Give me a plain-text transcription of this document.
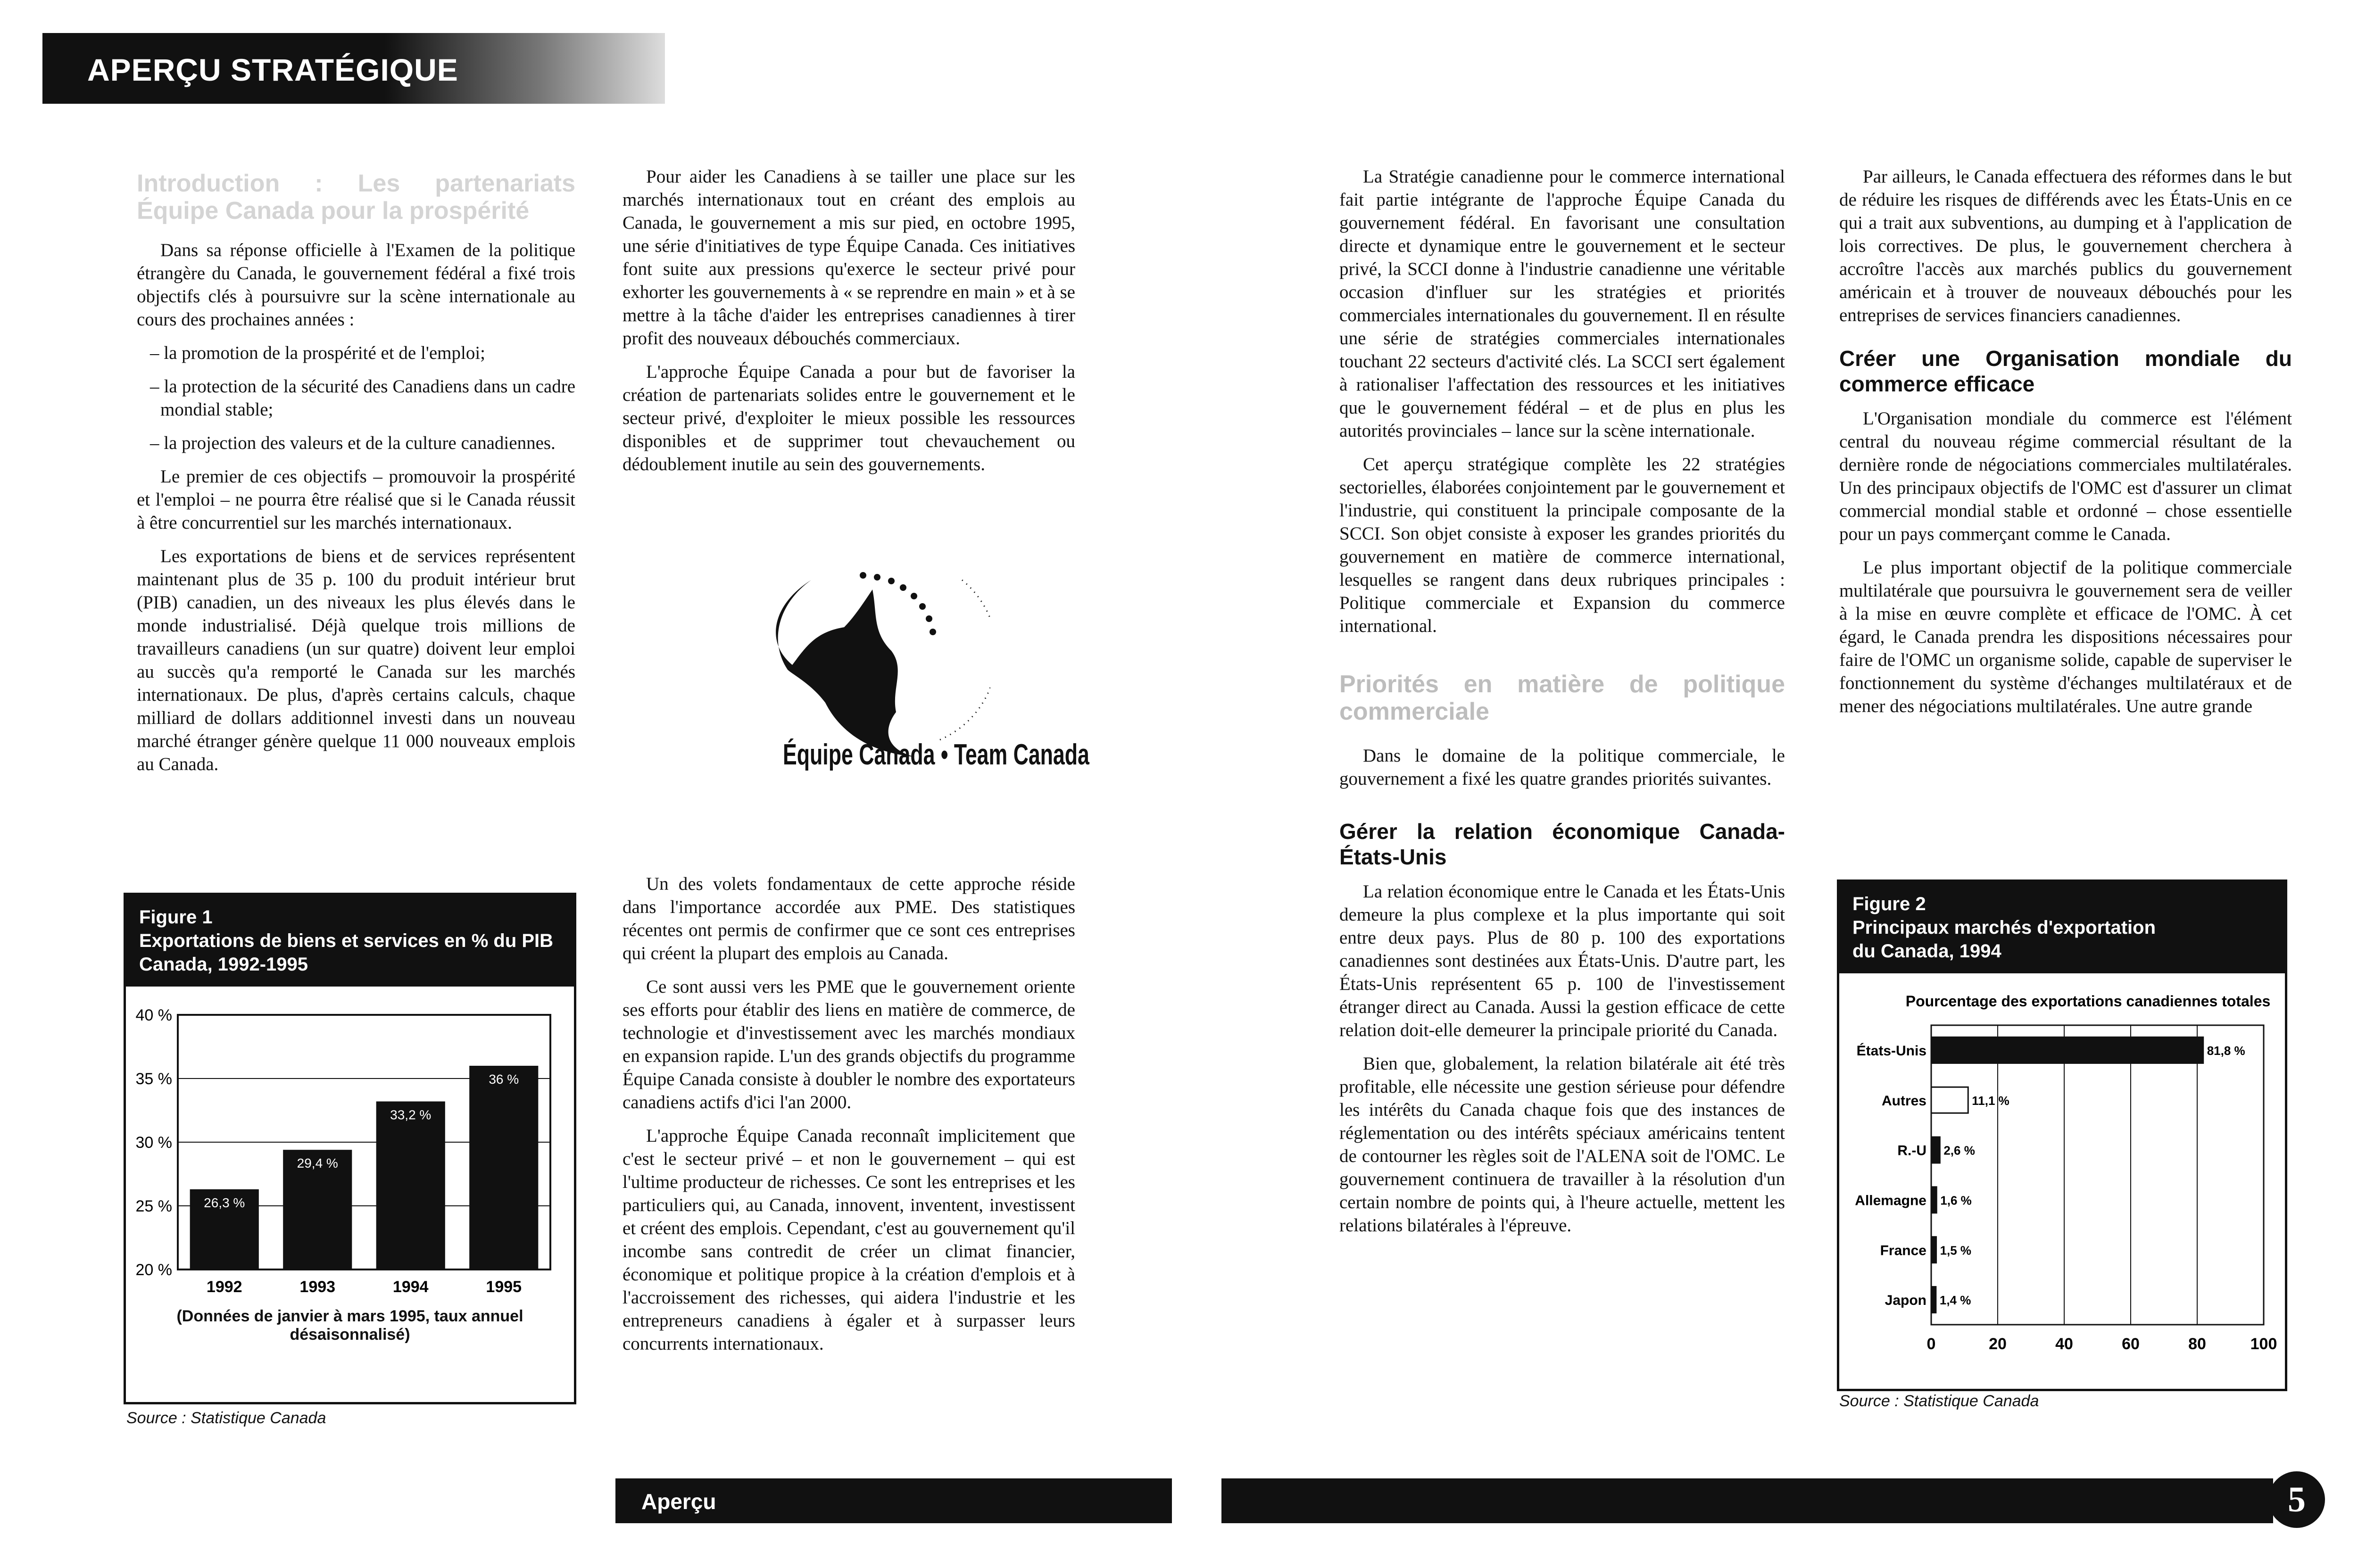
APERÇU STRATÉGIQUE
Introduction : Les partenariats Équipe Canada pour la prospérité

Dans sa réponse officielle à l'Examen de la politique étrangère du Canada, le gouvernement fédéral a fixé trois objectifs clés à poursuivre sur la scène internationale au cours des prochaines années :

– la promotion de la prospérité et de l'emploi;
– la protection de la sécurité des Canadiens dans un cadre mondial stable;
– la projection des valeurs et de la culture canadiennes.

Le premier de ces objectifs – promouvoir la prospérité et l'emploi – ne pourra être réalisé que si le Canada réussit à être concurrentiel sur les marchés internationaux.

Les exportations de biens et de services représentent maintenant plus de 35 p. 100 du produit intérieur brut (PIB) canadien, un des niveaux les plus élevés dans le monde industrialisé. Déjà quelque trois millions de travailleurs canadiens (un sur quatre) doivent leur emploi au succès qu'a remporté le Canada sur les marchés internationaux. De plus, d'après certains calculs, chaque milliard de dollars additionnel investi dans un nouveau marché étranger génère quelque 11 000 nouveaux emplois au Canada.

Figure 1
Exportations de biens et services en % du PIB
Canada, 1992-1995
20 %
25 %
30 %
35 %
40 %
26,3 %
1992
29,4 %
1993
33,2 %
1994
36 %
1995
(Données de janvier à mars 1995, taux annuel désaisonnalisé)
Source : Statistique Canada

Pour aider les Canadiens à se tailler une place sur les marchés internationaux tout en créant des emplois au Canada, le gouvernement a mis sur pied, en octobre 1995, une série d'initiatives de type Équipe Canada. Ces initiatives font suite aux pressions qu'exerce le secteur privé pour exhorter les gouvernements à « se reprendre en main » et à se mettre à la tâche d'aider les entreprises canadiennes à tirer profit des nouveaux débouchés commerciaux.

L'approche Équipe Canada a pour but de favoriser la création de partenariats solides entre le gouvernement et le secteur privé, d'exploiter le mieux possible les ressources disponibles et de supprimer tout chevauchement ou dédoublement inutile au sein des gouvernements.

Équipe Canada • Team Canada

Un des volets fondamentaux de cette approche réside dans l'importance accordée aux PME. Des statistiques récentes ont permis de confirmer que ce sont ces entreprises qui créent la plupart des emplois au Canada.

Ce sont aussi vers les PME que le gouvernement oriente ses efforts pour établir des liens en matière de commerce, de technologie et d'investissement avec les marchés mondiaux en expansion rapide. L'un des grands objectifs du programme Équipe Canada consiste à doubler le nombre des exportateurs canadiens actifs d'ici l'an 2000.

L'approche Équipe Canada reconnaît implicitement que c'est le secteur privé – et non le gouvernement – qui est l'ultime producteur de richesses. Ce sont les entreprises et les particuliers qui, au Canada, innovent, inventent, investissent et créent des emplois. Cependant, c'est au gouvernement qu'il incombe sans contredit de créer un climat financier, économique et politique propice à la création d'emplois et à l'accroissement des richesses, qui aidera l'industrie et les entrepreneurs canadiens à égaler et à surpasser leurs concurrents internationaux.

La Stratégie canadienne pour le commerce international fait partie intégrante de l'approche Équipe Canada du gouvernement fédéral. En favorisant une consultation directe et dynamique entre le gouvernement et le secteur privé, la SCCI donne à l'industrie canadienne une véritable occasion d'influer sur les stratégies et priorités commerciales internationales du gouvernement. Il en résulte une série de stratégies commerciales internationales touchant 22 secteurs d'activité clés. La SCCI sert également à rationaliser l'affectation des ressources et les initiatives que le gouvernement fédéral – et de plus en plus les autorités provinciales – lance sur la scène internationale.

Cet aperçu stratégique complète les 22 stratégies sectorielles, élaborées conjointement par le gouvernement et l'industrie, qui constituent la principale composante de la SCCI. Son objet consiste à exposer les grandes priorités du gouvernement en matière de commerce international, lesquelles se rangent dans deux rubriques principales : Politique commerciale et Expansion du commerce international.

Priorités en matière de politique commerciale

Dans le domaine de la politique commerciale, le gouvernement a fixé les quatre grandes priorités suivantes.

Gérer la relation économique Canada-États-Unis

La relation économique entre le Canada et les États-Unis demeure la plus complexe et la plus importante qui soit entre deux pays. Plus de 80 p. 100 des exportations canadiennes sont destinées aux États-Unis. D'autre part, les États-Unis représentent 65 p. 100 de l'investissement étranger direct au Canada. Aussi la gestion efficace de cette relation doit-elle demeurer la principale priorité du Canada.

Bien que, globalement, la relation bilatérale ait été très profitable, elle nécessite une gestion sérieuse pour défendre les intérêts du Canada chaque fois que des instances de réglementation ou des intérêts spéciaux américains tentent de contourner les règles soit de l'ALENA soit de l'OMC. Le gouvernement continuera de travailler à la résolution d'un certain nombre de points qui, à l'heure actuelle, mettent les relations bilatérales à l'épreuve.

Par ailleurs, le Canada effectuera des réformes dans le but de réduire les risques de différends avec les États-Unis en ce qui a trait aux subventions, au dumping et à l'application de lois correctives. De plus, le gouvernement cherchera à accroître l'accès aux marchés publics du gouvernement américain et à trouver de nouveaux débouchés pour les entreprises de services financiers canadiennes.

Créer une Organisation mondiale du commerce efficace

L'Organisation mondiale du commerce est l'élément central du nouveau régime commercial résultant de la dernière ronde de négociations commerciales multilatérales. Un des principaux objectifs de l'OMC est d'assurer un climat commercial mondial stable et ordonné – chose essentielle pour un pays commerçant comme le Canada.

Le plus important objectif de la politique commerciale multilatérale que poursuivra le gouvernement sera de veiller à la mise en œuvre complète et efficace de l'OMC. À cet égard, le Canada prendra les dispositions nécessaires pour faire de l'OMC un organisme solide, capable de superviser le fonctionnement du système d'échanges multilatéraux et de mener des négociations multilatérales. Une autre grande

Figure 2
Principaux marchés d'exportation
du Canada, 1994
Pourcentage des exportations canadiennes totales
0	20	40	60	80	100
États-Unis	81,8 %
Autres	11,1 %
R.-U 2,6 %
Allemagne 1,6 %
France 1,5 %
Japon 1,4 %
Source : Statistique Canada
Aperçu	5
